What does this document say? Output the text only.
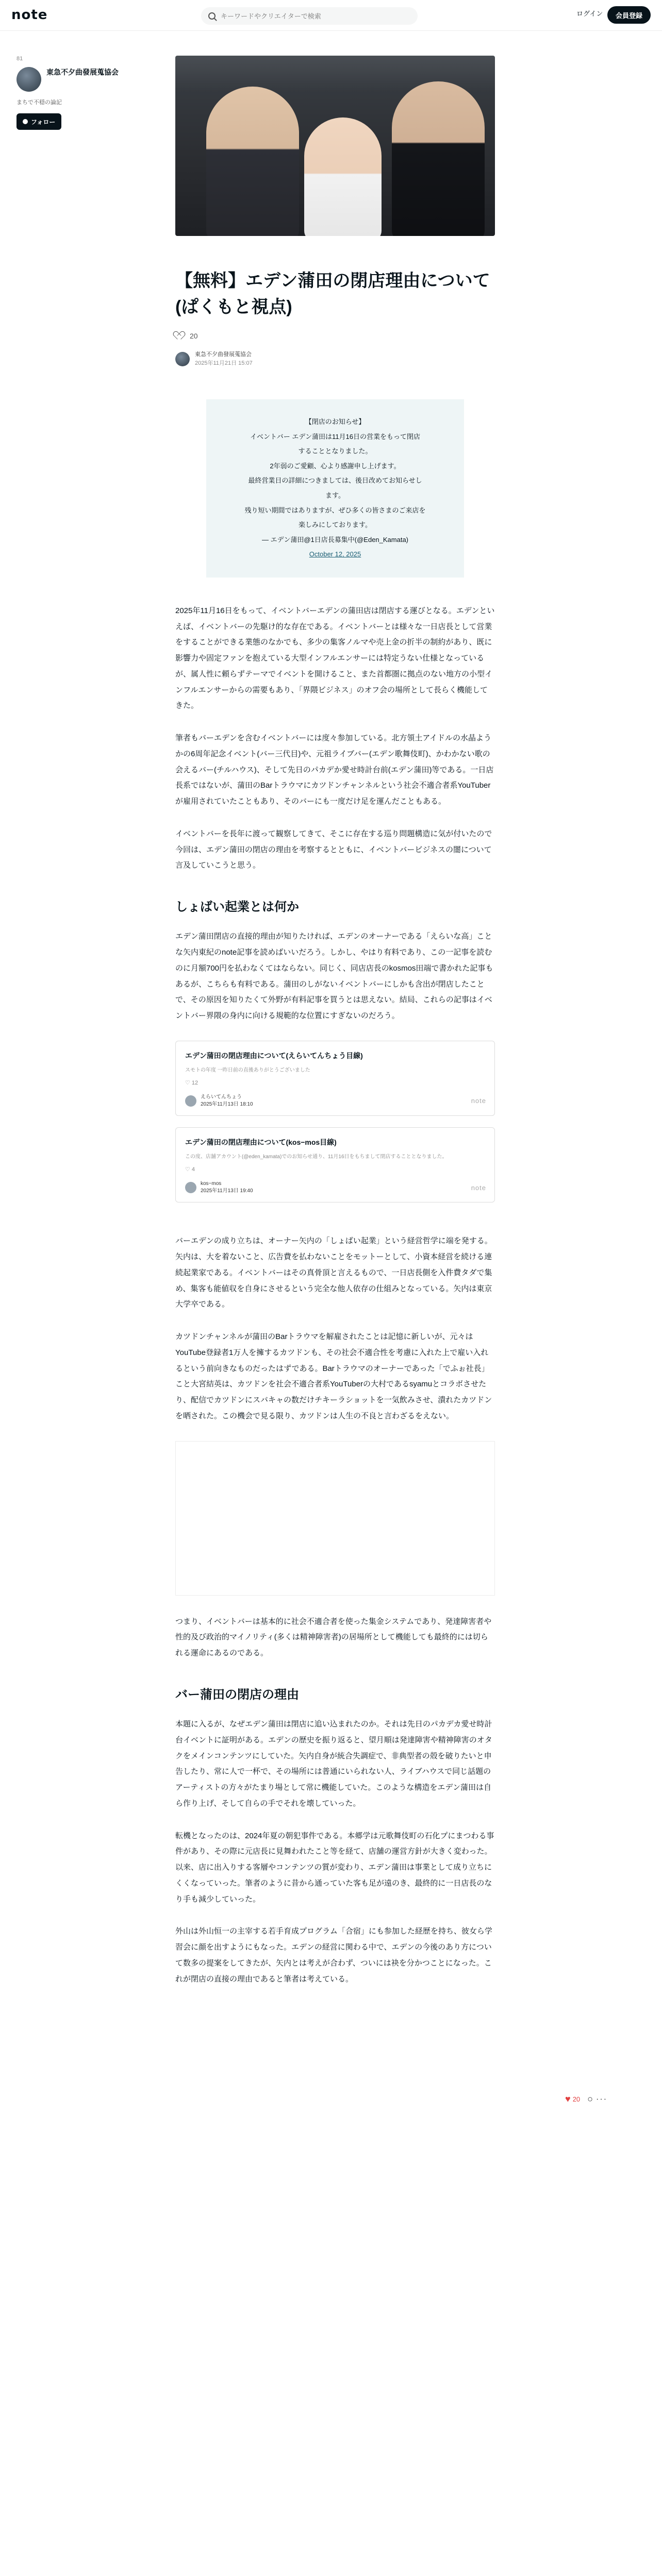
note
キーワードやクリエイターで検索	ログイン	会員登録
81
東急不夕曲發展蒐協会
まちで不穏の論記
フォロー
【無料】エデン蒲田の閉店理由について(ぱくもと視点)
20
東急不夕曲發展蒐協会
2025年11月21日 15:07
【閉店のお知らせ】
イベントバー エデン蒲田は11月16日の営業をもって閉店
することとなりました。
2年弱のご愛顧、心より感謝申し上げます。
最終営業日の詳細につきましては、後日改めてお知らせし
ます。
残り短い期間ではありますが、ぜひ多くの皆さまのご来店を
楽しみにしております。
— エデン蒲田@1日店長募集中(@Eden_Kamata)
October 12, 2025

2025年11月16日をもって、イベントバーエデンの蒲田店は閉店する運びとなる。エデンといえば、イベントバーの先駆け的な存在である。イベントバーとは様々な一日店長として営業をすることができる業態のなかでも、多少の集客ノルマや売上金の折半の制約があり、既に影響力や固定ファンを抱えている大型インフルエンサーには特定うない仕様となっているが、属人性に頼らずテーマでイベントを開けること、また首都圏に拠点のない地方の小型インフルエンサーからの需要もあり、「界隈ビジネス」のオフ会の場所として長らく機能してきた。

筆者もバーエデンを含むイベントバーには度々参加している。北方領土アイドルの水晶ようかの6周年記念イベント(バー三代目)や、元祖ライブバー(エデン歌舞伎町)、かわかない歌の会えるバー(チルハウス)、そして先日のパカデか愛せ時計台前(エデン蒲田)等である。一日店長系ではないが、蒲田のBarトラウマにカツドンチャンネルという社会不適合者系YouTuberが雇用されていたこともあり、そのバーにも一度だけ足を運んだこともある。

イベントバーを長年に渡って観察してきて、そこに存在する巡り問題構造に気が付いたので今回は、エデン蒲田の閉店の理由を考察するとともに、イベントバービジネスの闇について言及していこうと思う。

しょばい起業とは何か

エデン蒲田閉店の直接的理由が知りたければ、エデンのオーナーである「えらいな高」ことな矢内東紀のnote記事を読めばいいだろう。しかし、やはり有料であり、この一記事を読むのに月額700円を払わなくてはならない。同じく、同店店長のkosmos田端で書かれた記事もあるが、こちらも有料である。蒲田のしがないイベントバーにしかも含出が閉店したことで、その原因を知りたくて外野が有料記事を買うとは思えない。結局、これらの記事はイベントバー界隈の身内に向ける規範的な位置にすぎないのだろう。

エデン蒲田の閉店理由について(えらいてんちょう目線)
スモトの年度 一昨日前の直後ありがとうございました
♡ 12
えらいてんちょう
2025年11月13日 18:10	note
エデン蒲田の閉店理由について(kos−mos目線)
この度、店舗アカウント(@eden_kamata)でのお知らせ通り、11月16日をもちまして閉店することとなりました。
♡ 4
kos−mos
2025年11月13日 19:40	note

バーエデンの成り立ちは、オーナー矢内の「しょばい起業」という経営哲学に端を発する。矢内は、大を着ないこと、広告費を払わないことをモットーとして、小資本経営を続ける連続起業家である。イベントバーはその真骨頂と言えるもので、一日店長側を入件費タダで集め、集客も能値収を自身にさせるという完全な他人依存の仕組みとなっている。矢内は東京大学卒である。

カツドンチャンネルが蒲田のBarトラウマを解雇されたことは記憶に新しいが、元々はYouTube登録者1万人を擁するカツドンも、その社会不適合性を考慮に入れた上で雇い入れるという前向きなものだったはずである。Barトラウマのオーナーであった「でふぉ社長」こと大宮結英は、カツドンを社会不適合者系YouTuberの大村であるsyamuとコラボさせたり、配信でカツドンにスバキャの数だけチキーラショットを一気飲みさせ、潰れたカツドンを晒された。この機会で見る限り、カツドンは人生の不良と言わざるをえない。

つまり、イベントバーは基本的に社会不適合者を使った集金システムであり、発達障害者や性的及び政治的マイノリティ(多くは精神障害者)の居場所として機能しても最終的には切られる運命にあるのである。

バー蒲田の閉店の理由

本題に入るが、なぜエデン蒲田は閉店に追い込まれたのか。それは先日のパカデカ愛せ時計台イベントに証明がある。エデンの歴史を振り返ると、望月順は発達障害や精神障害のオタクをメインコンテンツにしていた。矢内自身が統合失調症で、非典型者の殻を破りたいと申告したり、常に人で一杯で、その場所には普通にいられない人、ライブハウスで同じ話題のアーティストの方々がたまり場として常に機能していた。このような構造をエデン蒲田は自ら作り上げ、そして自らの手でそれを壊していった。

転機となったのは、2024年夏の朝犯事件である。本郷学は元歌舞伎町の石化プにまつわる事件があり、その際に元店長に見舞われたこと等を経て、店舗の運営方針が大きく変わった。以来、店に出入りする客層やコンテンツの質が変わり、エデン蒲田は事業として成り立ちにくくなっていった。筆者のように昔から通っていた客も足が遠のき、最終的に一日店長のなり手も減少していった。

外山は外山恒一の主宰する若手育成プログラム「合宿」にも参加した経歴を持ち、彼女ら学習会に顔を出すようにもなった。エデンの経営に関わる中で、エデンの今後のあり方について数多の提案をしてきたが、矢内とは考えが合わず、ついには袂を分かつことになった。これが閉店の直接の理由であると筆者は考えている。

♥ 20 ○ ···
